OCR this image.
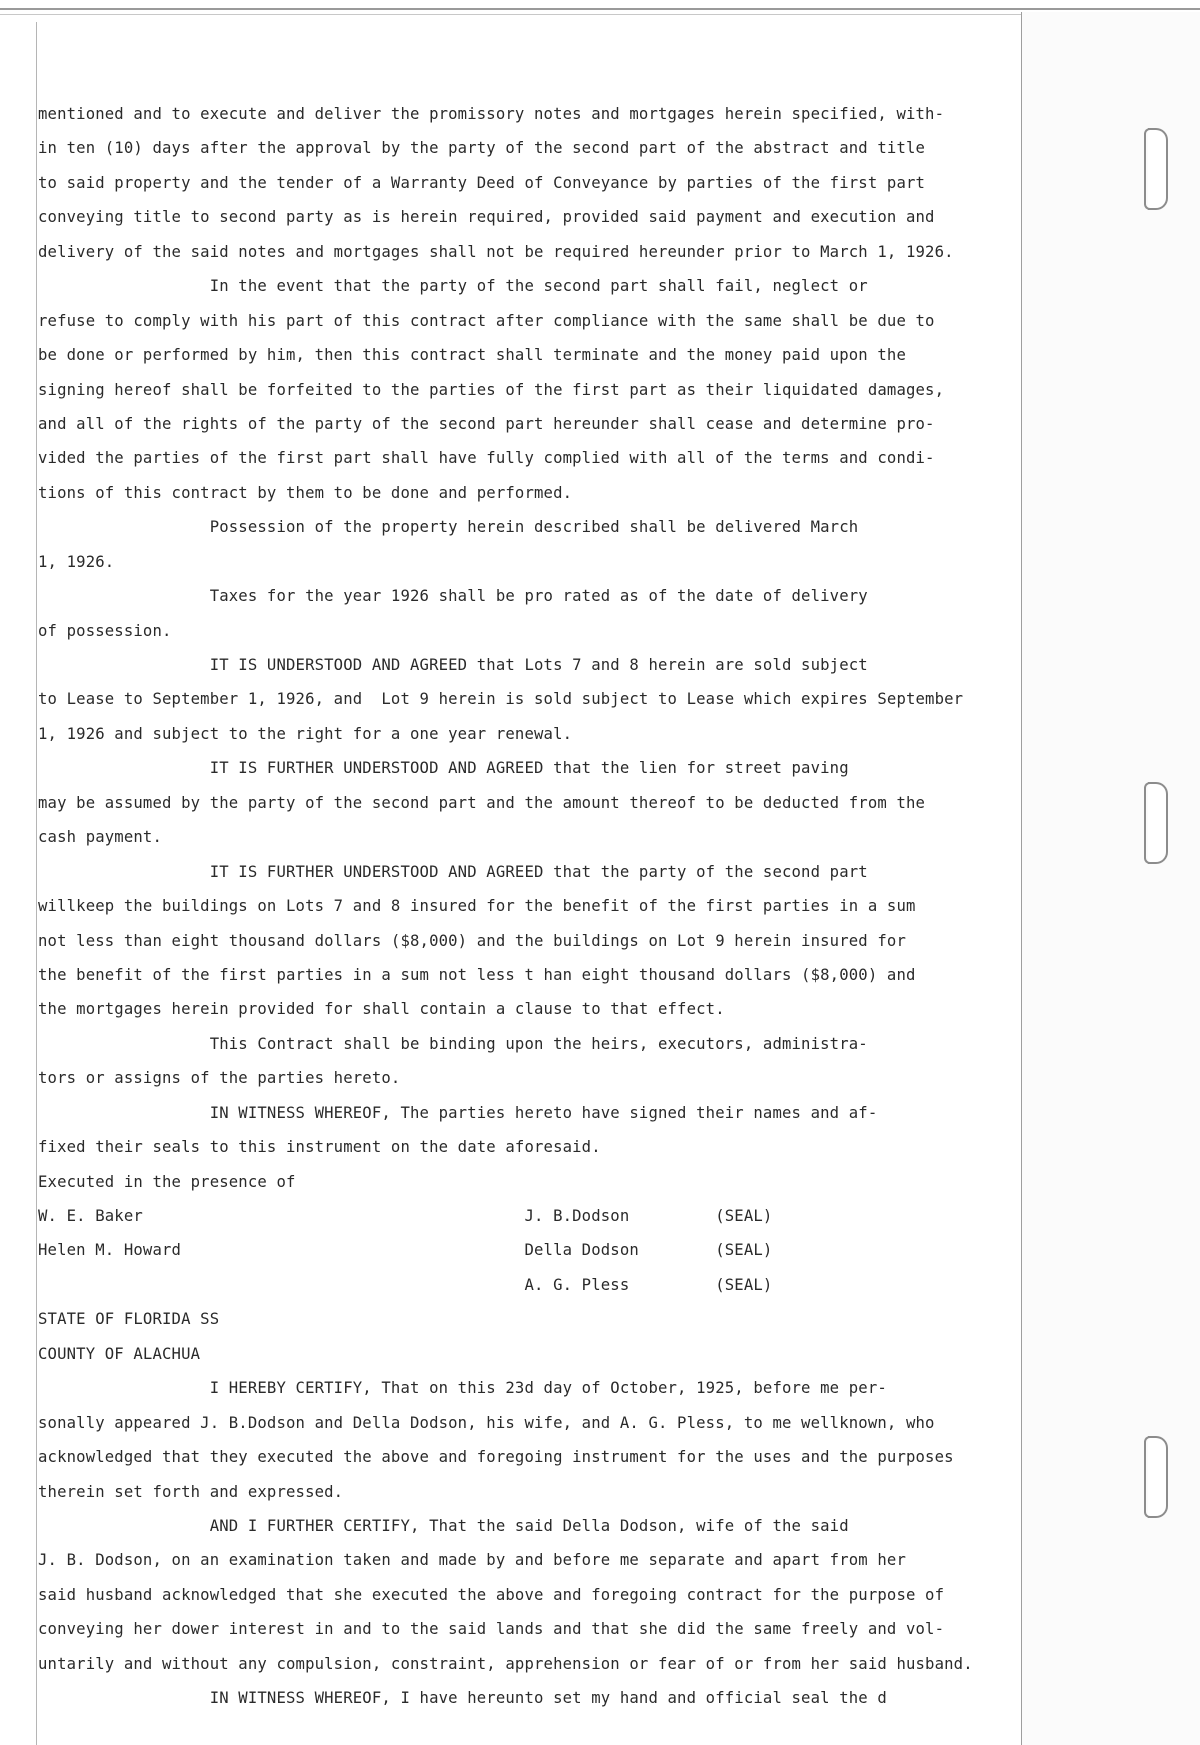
mentioned and to execute and deliver the promissory notes and mortgages herein specified, with-
in ten (10) days after the approval by the party of the second part of the abstract and title
to said property and the tender of a Warranty Deed of Conveyance by parties of the first part
conveying title to second party as is herein required, provided said payment and execution and
delivery of the said notes and mortgages shall not be required hereunder prior to March 1, 1926.
In the event that the party of the second part shall fail, neglect or
refuse to comply with his part of this contract after compliance with the same shall be due to
be done or performed by him, then this contract shall terminate and the money paid upon the
signing hereof shall be forfeited to the parties of the first part as their liquidated damages,
and all of the rights of the party of the second part hereunder shall cease and determine pro-
vided the parties of the first part shall have fully complied with all of the terms and condi-
tions of this contract by them to be done and performed.
Possession of the property herein described shall be delivered March
1, 1926.
Taxes for the year 1926 shall be pro rated as of the date of delivery
of possession.
IT IS UNDERSTOOD AND AGREED that Lots 7 and 8 herein are sold subject
to Lease to September 1, 1926, and  Lot 9 herein is sold subject to Lease which expires September
1, 1926 and subject to the right for a one year renewal.
IT IS FURTHER UNDERSTOOD AND AGREED that the lien for street paving
may be assumed by the party of the second part and the amount thereof to be deducted from the
cash payment.
IT IS FURTHER UNDERSTOOD AND AGREED that the party of the second part
willkeep the buildings on Lots 7 and 8 insured for the benefit of the first parties in a sum
not less than eight thousand dollars ($8,000) and the buildings on Lot 9 herein insured for
the benefit of the first parties in a sum not less t han eight thousand dollars ($8,000) and
the mortgages herein provided for shall contain a clause to that effect.
This Contract shall be binding upon the heirs, executors, administra-
tors or assigns of the parties hereto.
IN WITNESS WHEREOF, The parties hereto have signed their names and af-
fixed their seals to this instrument on the date aforesaid.
Executed in the presence of
W. E. Baker                                        J. B.Dodson         (SEAL)
Helen M. Howard                                    Della Dodson        (SEAL)
A. G. Pless         (SEAL)
STATE OF FLORIDA SS
COUNTY OF ALACHUA
I HEREBY CERTIFY, That on this 23d day of October, 1925, before me per-
sonally appeared J. B.Dodson and Della Dodson, his wife, and A. G. Pless, to me wellknown, who
acknowledged that they executed the above and foregoing instrument for the uses and the purposes
therein set forth and expressed.
AND I FURTHER CERTIFY, That the said Della Dodson, wife of the said
J. B. Dodson, on an examination taken and made by and before me separate and apart from her
said husband acknowledged that she executed the above and foregoing contract for the purpose of
conveying her dower interest in and to the said lands and that she did the same freely and vol-
untarily and without any compulsion, constraint, apprehension or fear of or from her said husband.
IN WITNESS WHEREOF, I have hereunto set my hand and official seal the d
